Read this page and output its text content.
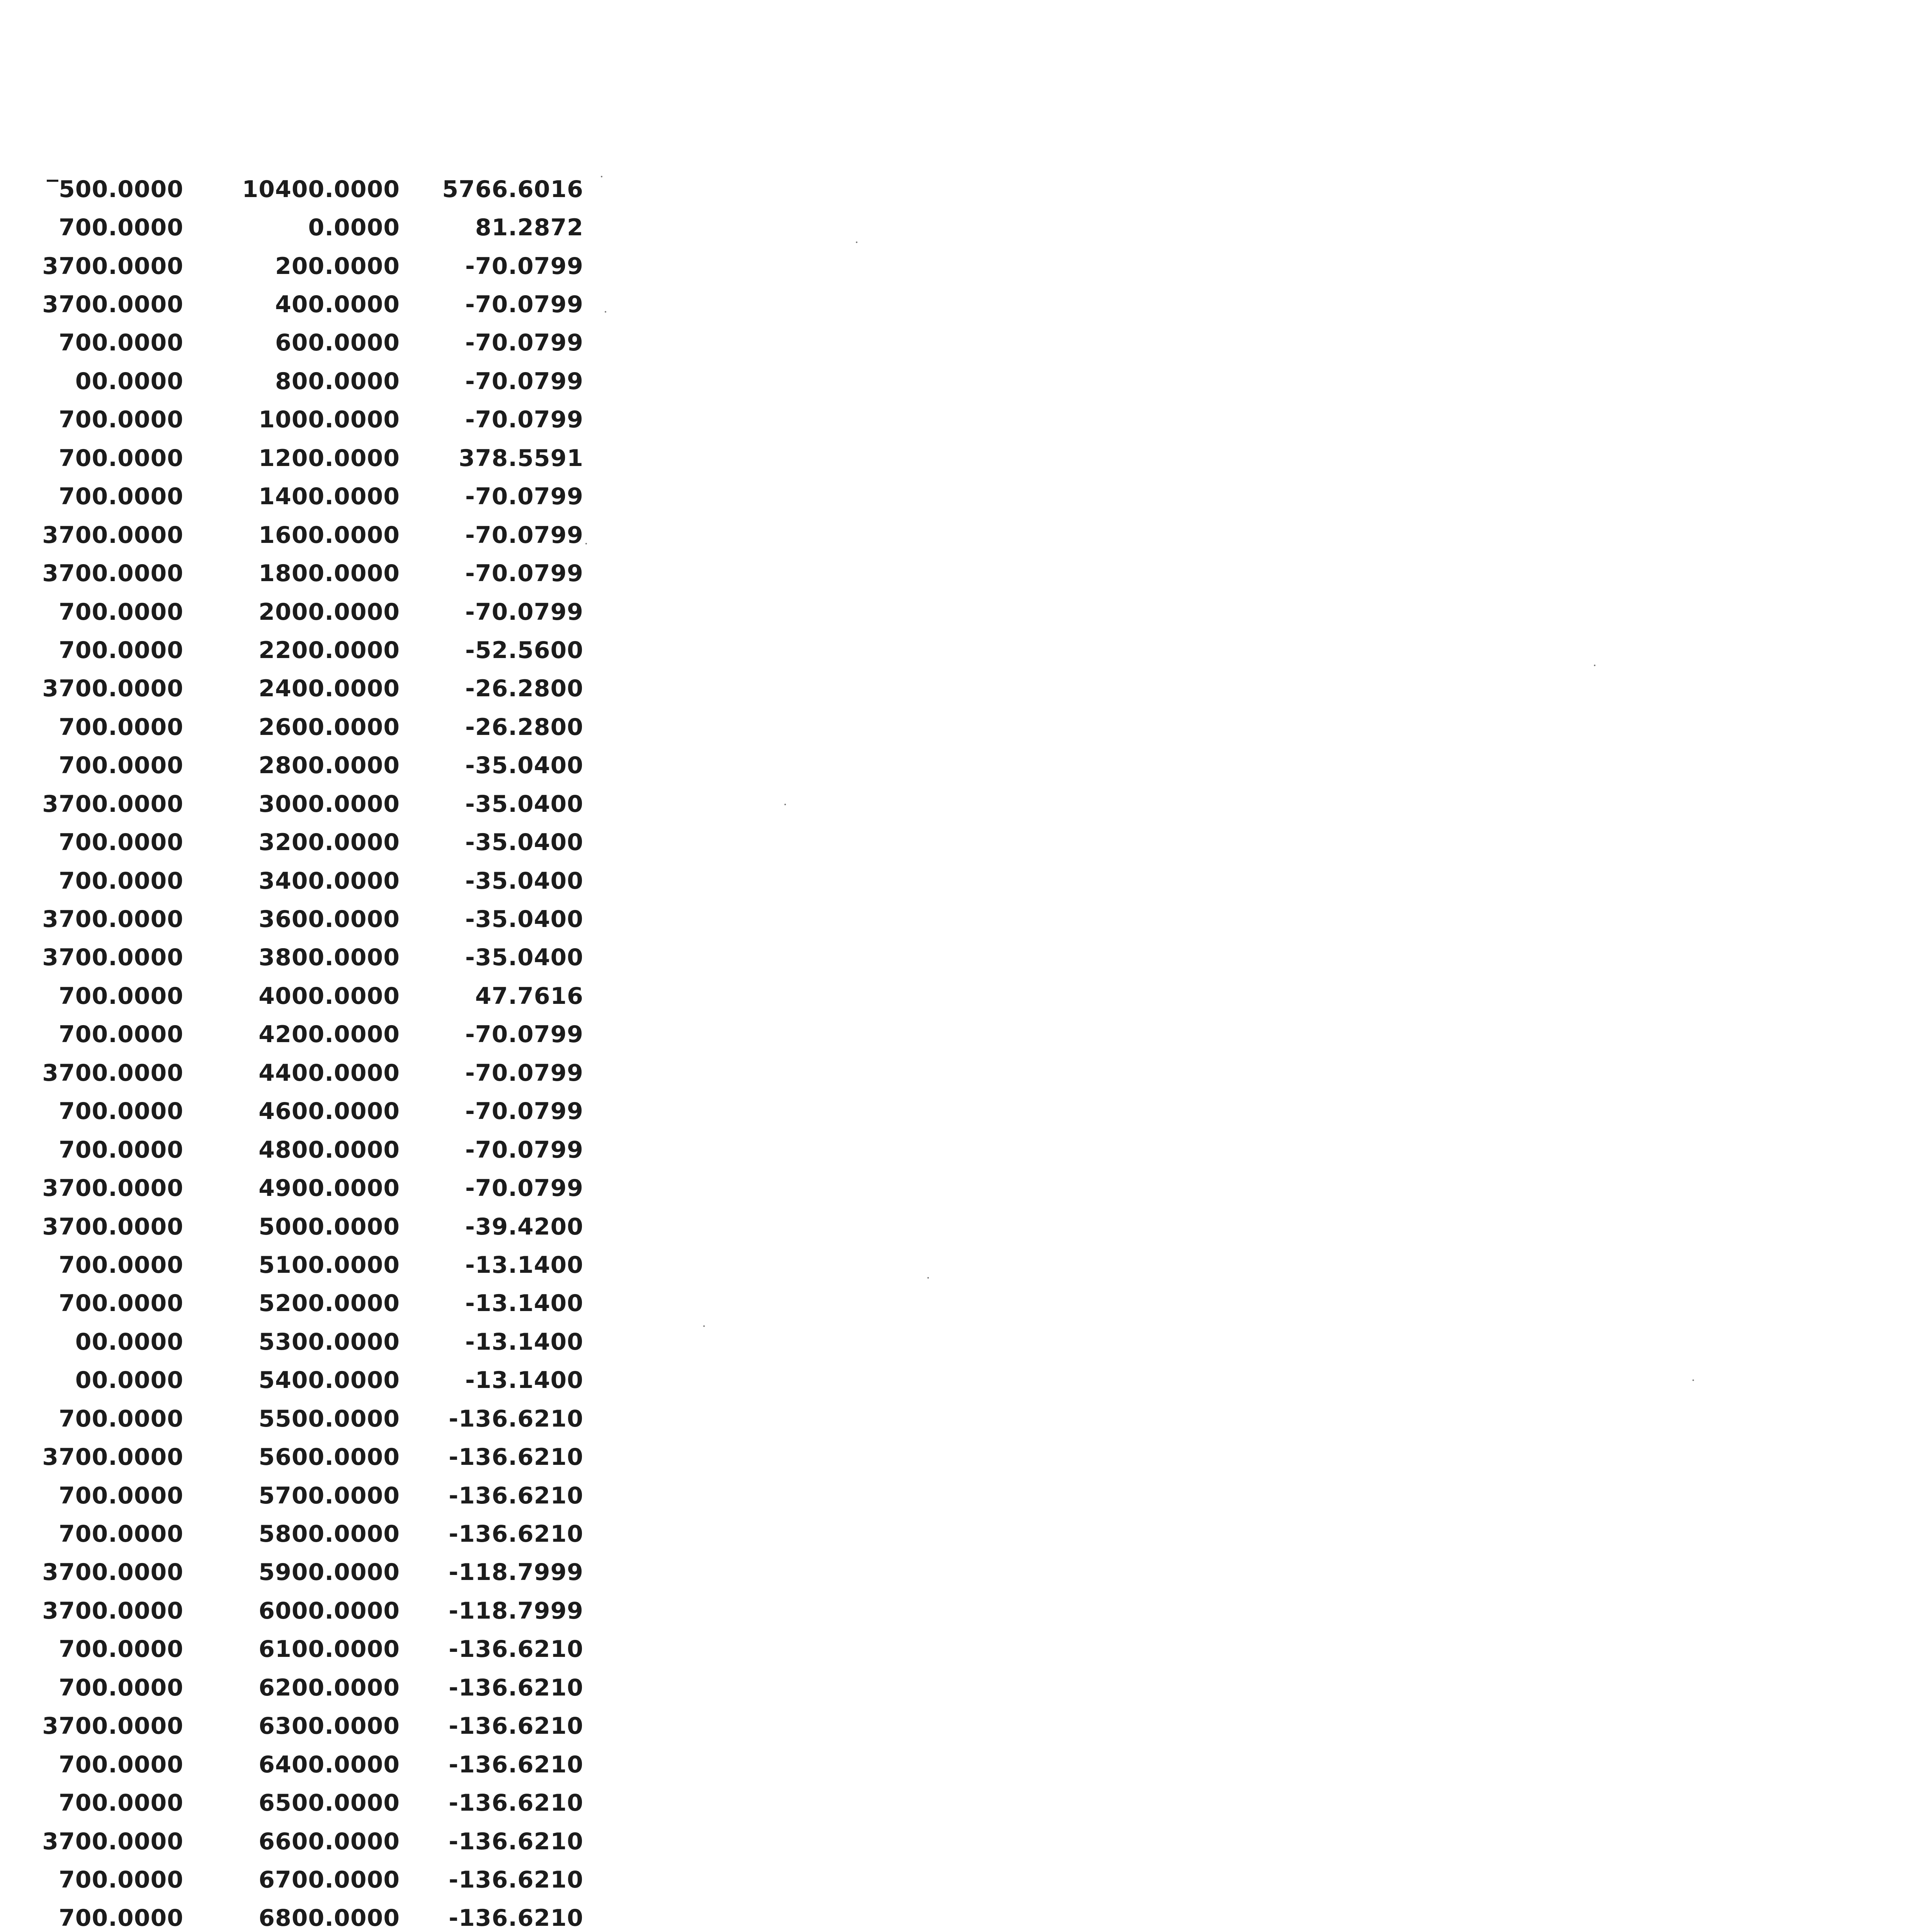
‾500.0000	10400.0000	5766.6016
700.0000	0.0000	81.2872
3700.0000	200.0000	-70.0799
3700.0000	400.0000	-70.0799
700.0000	600.0000	-70.0799
00.0000	800.0000	-70.0799
700.0000	1000.0000	-70.0799
700.0000	1200.0000	378.5591
700.0000	1400.0000	-70.0799
3700.0000	1600.0000	-70.0799
3700.0000	1800.0000	-70.0799
700.0000	2000.0000	-70.0799
700.0000	2200.0000	-52.5600
3700.0000	2400.0000	-26.2800
700.0000	2600.0000	-26.2800
700.0000	2800.0000	-35.0400
3700.0000	3000.0000	-35.0400
700.0000	3200.0000	-35.0400
700.0000	3400.0000	-35.0400
3700.0000	3600.0000	-35.0400
3700.0000	3800.0000	-35.0400
700.0000	4000.0000	47.7616
700.0000	4200.0000	-70.0799
3700.0000	4400.0000	-70.0799
700.0000	4600.0000	-70.0799
700.0000	4800.0000	-70.0799
3700.0000	4900.0000	-70.0799
3700.0000	5000.0000	-39.4200
700.0000	5100.0000	-13.1400
700.0000	5200.0000	-13.1400
00.0000	5300.0000	-13.1400
00.0000	5400.0000	-13.1400
700.0000	5500.0000	-136.6210
3700.0000	5600.0000	-136.6210
700.0000	5700.0000	-136.6210
700.0000	5800.0000	-136.6210
3700.0000	5900.0000	-118.7999
3700.0000	6000.0000	-118.7999
700.0000	6100.0000	-136.6210
700.0000	6200.0000	-136.6210
3700.0000	6300.0000	-136.6210
700.0000	6400.0000	-136.6210
700.0000	6500.0000	-136.6210
3700.0000	6600.0000	-136.6210
700.0000	6700.0000	-136.6210
700.0000	6800.0000	-136.6210
